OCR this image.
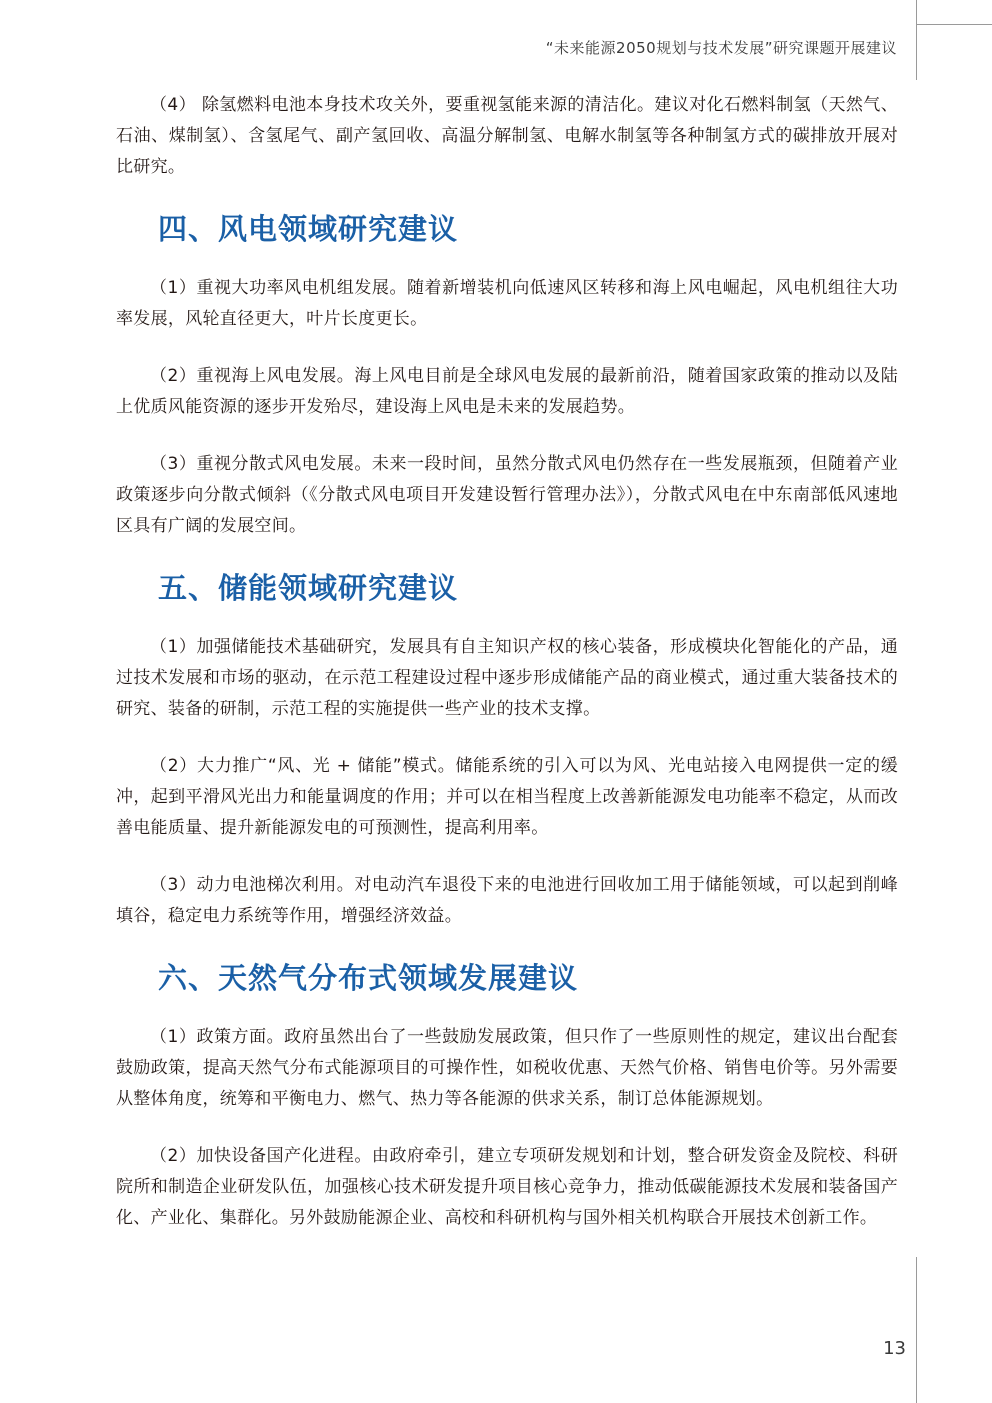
“未来能源2050规划与技术发展”研究课题开展建议

（4） 除氢燃料电池本身技术攻关外，要重视氢能来源的清洁化。建议对化石燃料制氢（天然气、石油、煤制氢）、含氢尾气、副产氢回收、高温分解制氢、电解水制氢等各种制氢方式的碳排放开展对比研究。

四、风电领域研究建议

（1）重视大功率风电机组发展。随着新增装机向低速风区转移和海上风电崛起，风电机组往大功率发展，风轮直径更大，叶片长度更长。

（2）重视海上风电发展。海上风电目前是全球风电发展的最新前沿，随着国家政策的推动以及陆上优质风能资源的逐步开发殆尽，建设海上风电是未来的发展趋势。

（3）重视分散式风电发展。未来一段时间，虽然分散式风电仍然存在一些发展瓶颈，但随着产业政策逐步向分散式倾斜（《分散式风电项目开发建设暂行管理办法》），分散式风电在中东南部低风速地区具有广阔的发展空间。

五、储能领域研究建议

（1）加强储能技术基础研究，发展具有自主知识产权的核心装备，形成模块化智能化的产品，通过技术发展和市场的驱动，在示范工程建设过程中逐步形成储能产品的商业模式，通过重大装备技术的研究、装备的研制，示范工程的实施提供一些产业的技术支撑。

（2）大力推广“风、光 + 储能”模式。储能系统的引入可以为风、光电站接入电网提供一定的缓冲，起到平滑风光出力和能量调度的作用；并可以在相当程度上改善新能源发电功能率不稳定，从而改善电能质量、提升新能源发电的可预测性，提高利用率。

（3）动力电池梯次利用。对电动汽车退役下来的电池进行回收加工用于储能领域，可以起到削峰填谷，稳定电力系统等作用，增强经济效益。

六、天然气分布式领域发展建议

（1）政策方面。政府虽然出台了一些鼓励发展政策，但只作了一些原则性的规定，建议出台配套鼓励政策，提高天然气分布式能源项目的可操作性，如税收优惠、天然气价格、销售电价等。另外需要从整体角度，统筹和平衡电力、燃气、热力等各能源的供求关系，制订总体能源规划。

（2）加快设备国产化进程。由政府牵引，建立专项研发规划和计划，整合研发资金及院校、科研院所和制造企业研发队伍，加强核心技术研发提升项目核心竞争力，推动低碳能源技术发展和装备国产化、产业化、集群化。另外鼓励能源企业、高校和科研机构与国外相关机构联合开展技术创新工作。

13
